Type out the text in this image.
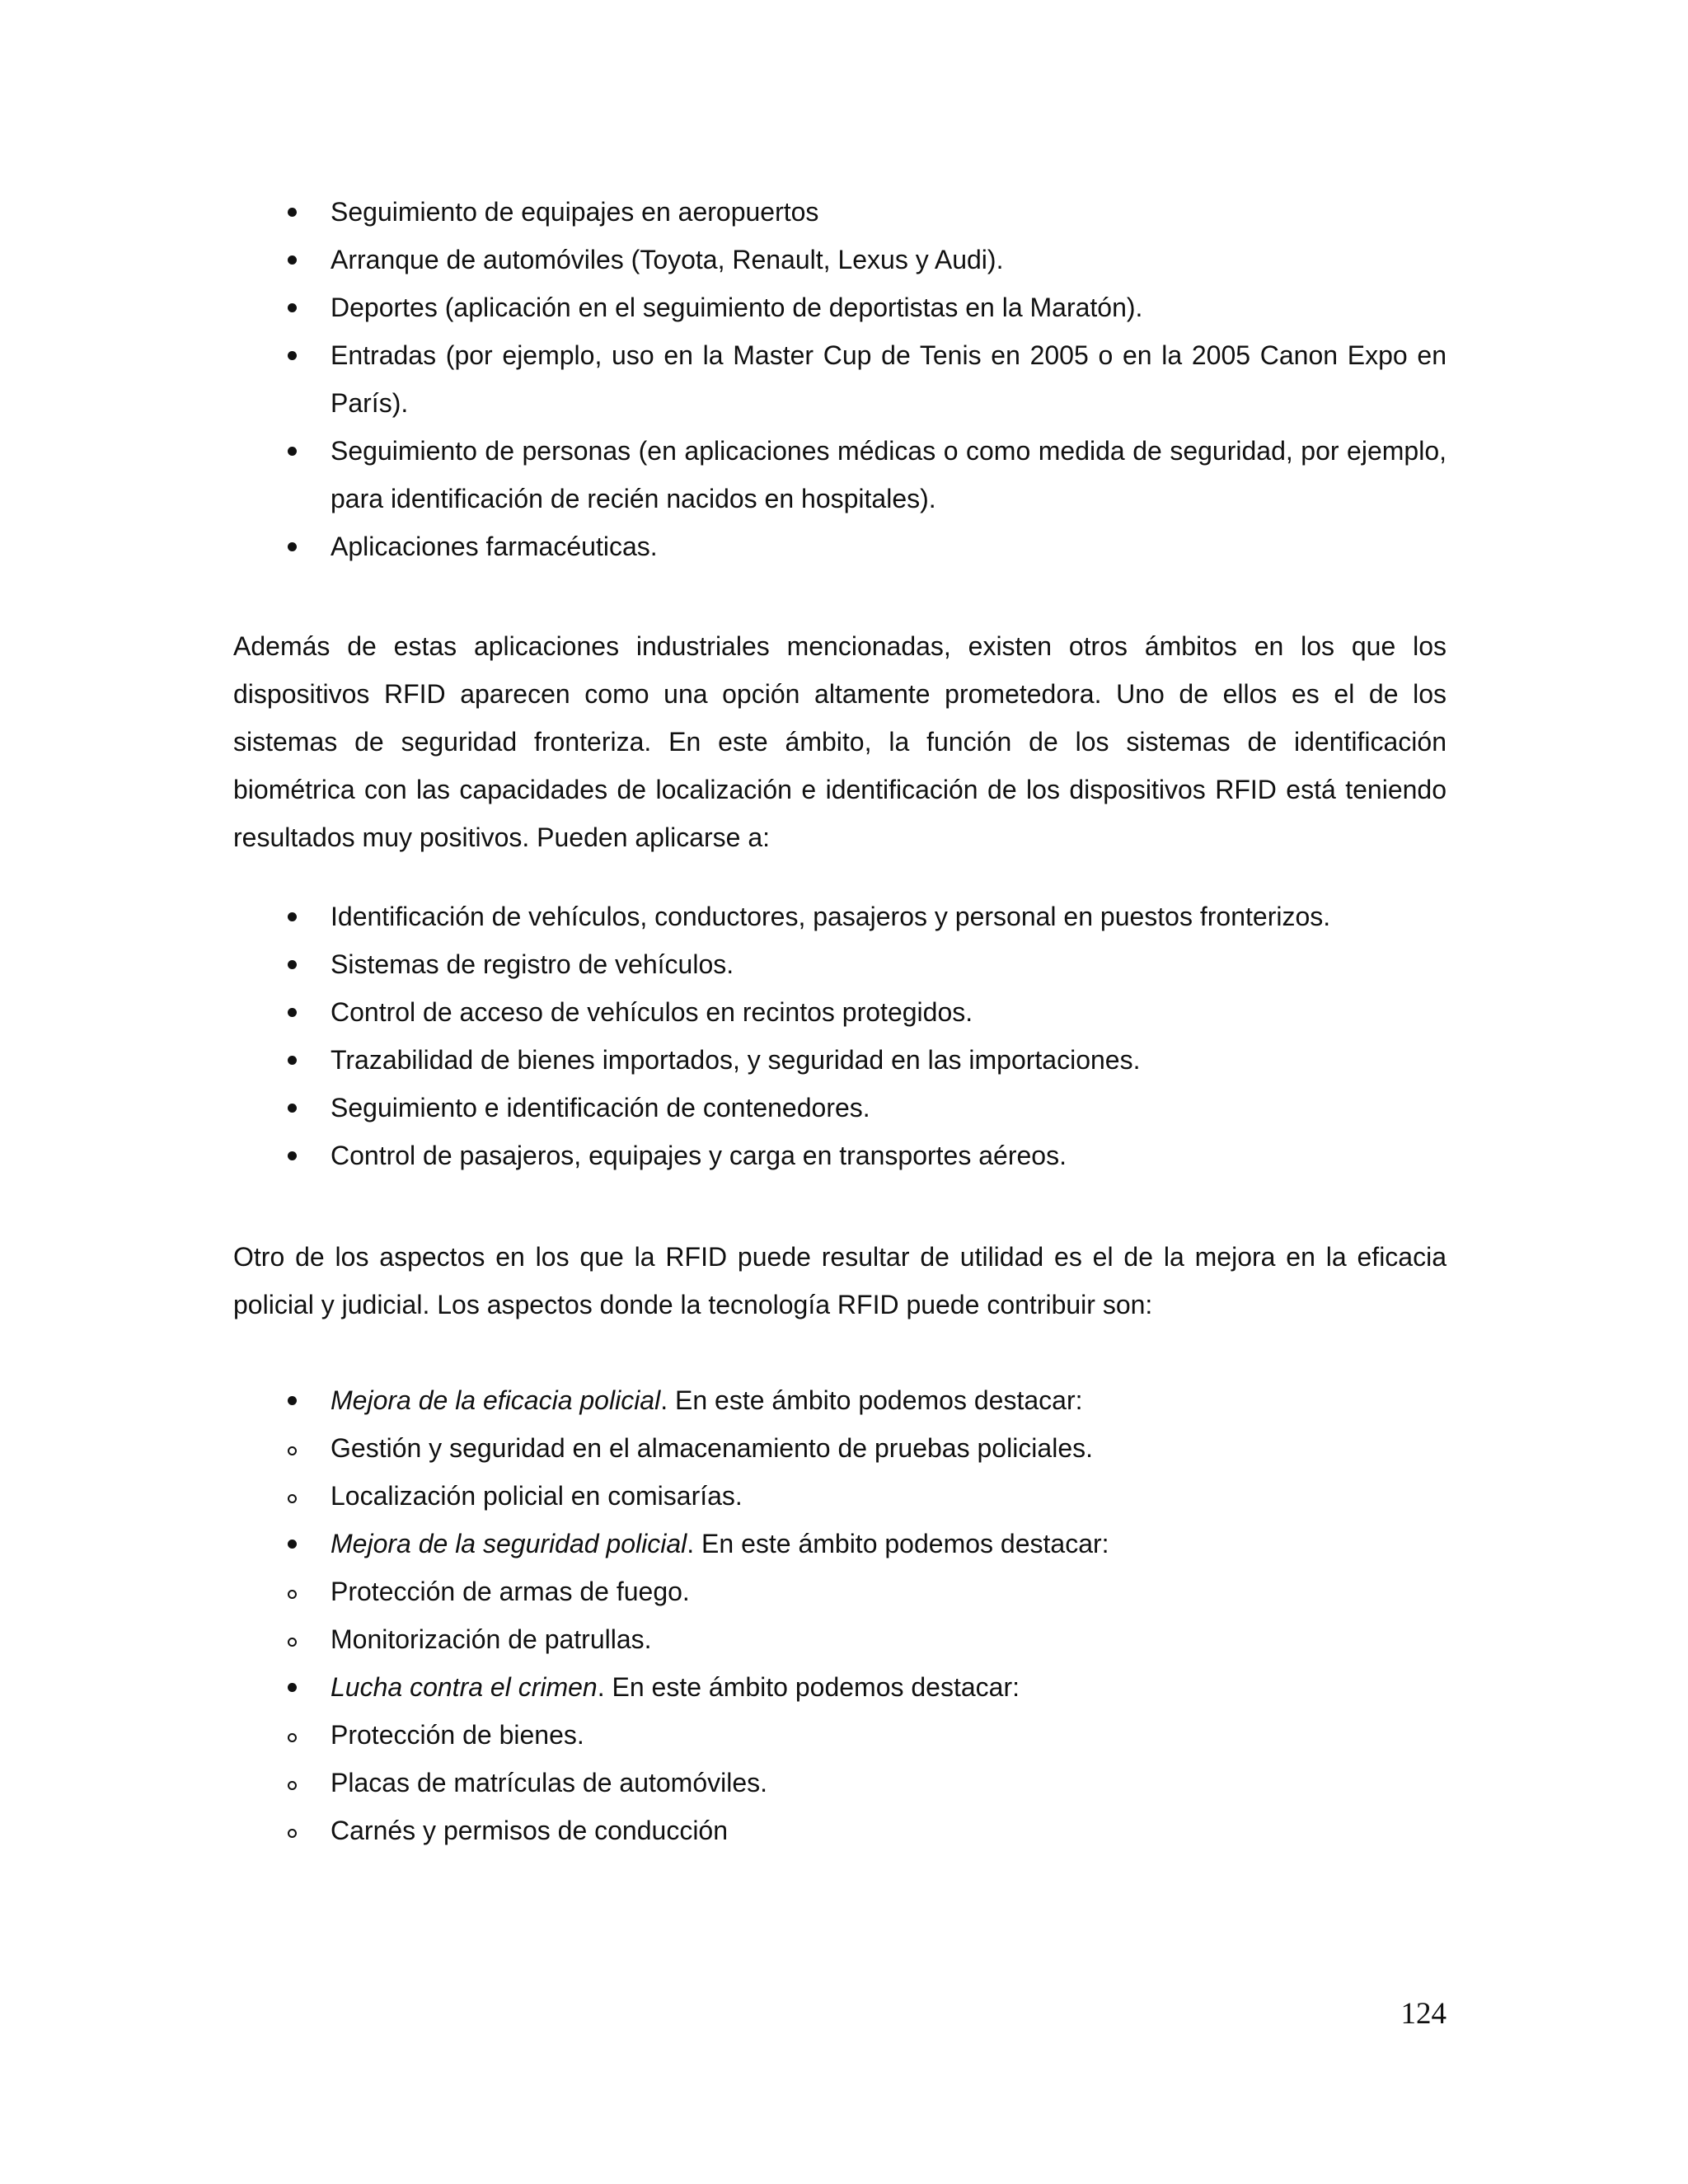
Seguimiento de equipajes en aeropuertos
Arranque de automóviles (Toyota, Renault, Lexus y Audi).
Deportes (aplicación en el seguimiento de deportistas en la Maratón).
Entradas (por ejemplo, uso en la Master Cup de Tenis en 2005 o en la 2005 Canon Expo en París).
Seguimiento de personas (en aplicaciones médicas o como medida de seguridad, por ejemplo, para identificación de recién nacidos en hospitales).
Aplicaciones farmacéuticas.

Además de estas aplicaciones industriales mencionadas, existen otros ámbitos en los que los dispositivos RFID aparecen como una opción altamente prometedora. Uno de ellos es el de los sistemas de seguridad fronteriza. En este ámbito, la función de los sistemas de identificación biométrica con las capacidades de localización e identificación de los dispositivos RFID está teniendo resultados muy positivos. Pueden aplicarse a:

Identificación de vehículos, conductores, pasajeros y personal en puestos fronterizos.
Sistemas de registro de vehículos.
Control de acceso de vehículos en recintos protegidos.
Trazabilidad de bienes importados, y seguridad en las importaciones.
Seguimiento e identificación de contenedores.
Control de pasajeros, equipajes y carga en transportes aéreos.

Otro de los aspectos en los que la RFID puede resultar de utilidad es el de la mejora en la eficacia policial y judicial. Los aspectos donde la tecnología RFID puede contribuir son:

Mejora de la eficacia policial. En este ámbito podemos destacar:
Gestión y seguridad en el almacenamiento de pruebas policiales.
Localización policial en comisarías.
Mejora de la seguridad policial. En este ámbito podemos destacar:
Protección de armas de fuego.
Monitorización de patrullas.
Lucha contra el crimen. En este ámbito podemos destacar:
Protección de bienes.
Placas de matrículas de automóviles.
Carnés y permisos de conducción
124
